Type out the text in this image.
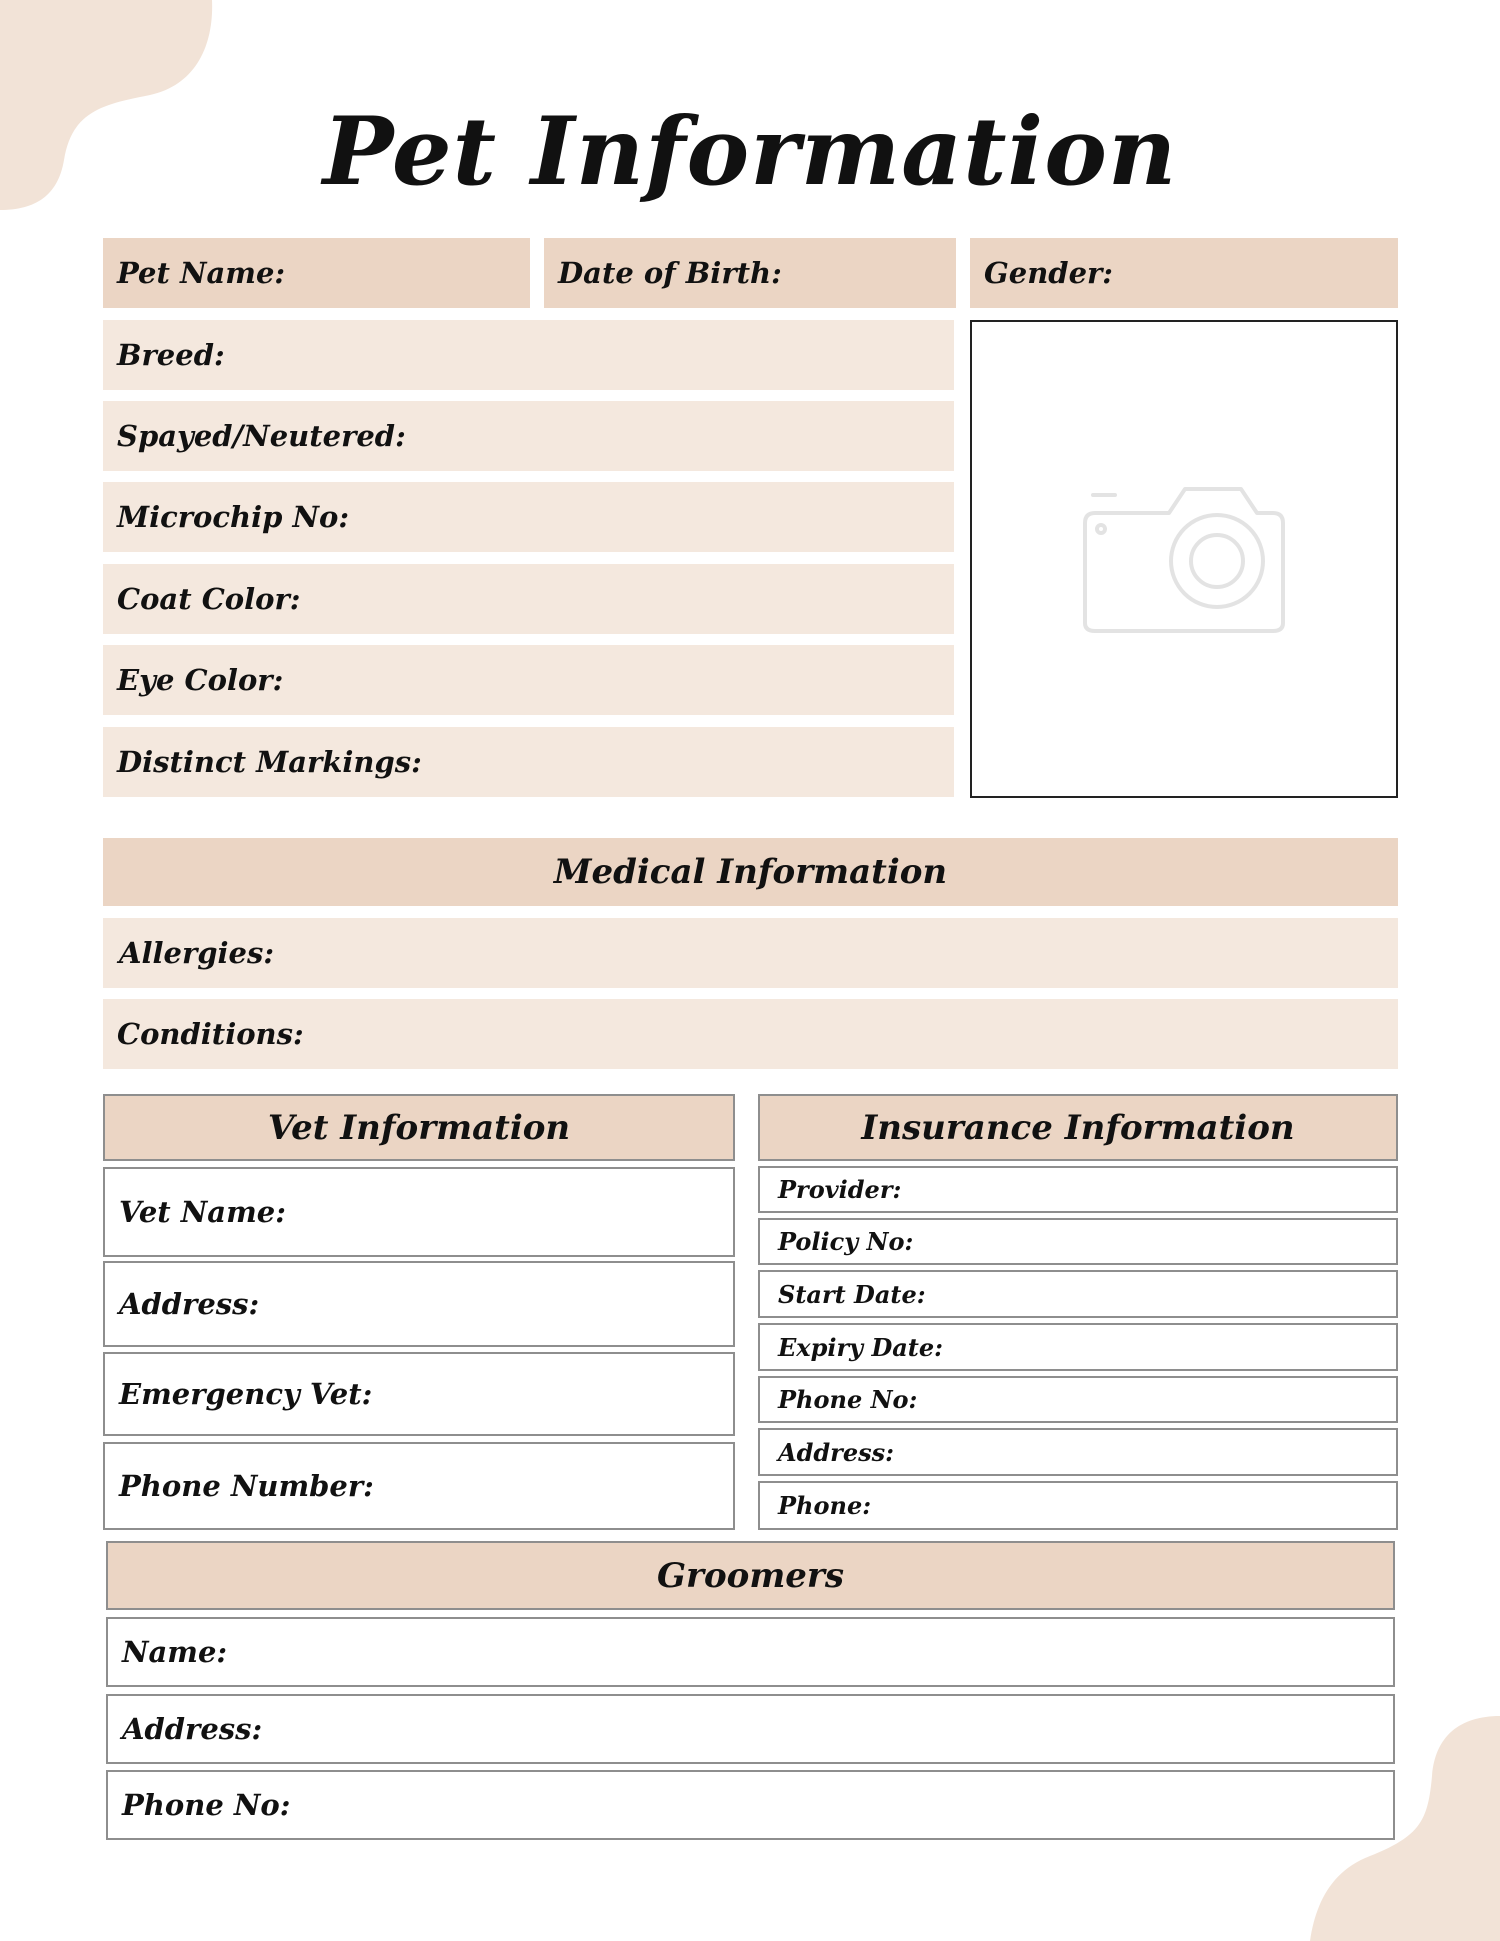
Pet Information
Pet Name:	Date of Birth:	Gender:
Breed:
Spayed/Neutered:
Microchip No:
Coat Color:
Eye Color:
Distinct Markings:
Medical Information
Allergies:
Conditions:
Vet Information
Vet Name:
Address:
Emergency Vet:
Phone Number:
Insurance Information
Provider:
Policy No:
Start Date:
Expiry Date:
Phone No:
Address:
Phone:
Groomers
Name:
Address:
Phone No:
